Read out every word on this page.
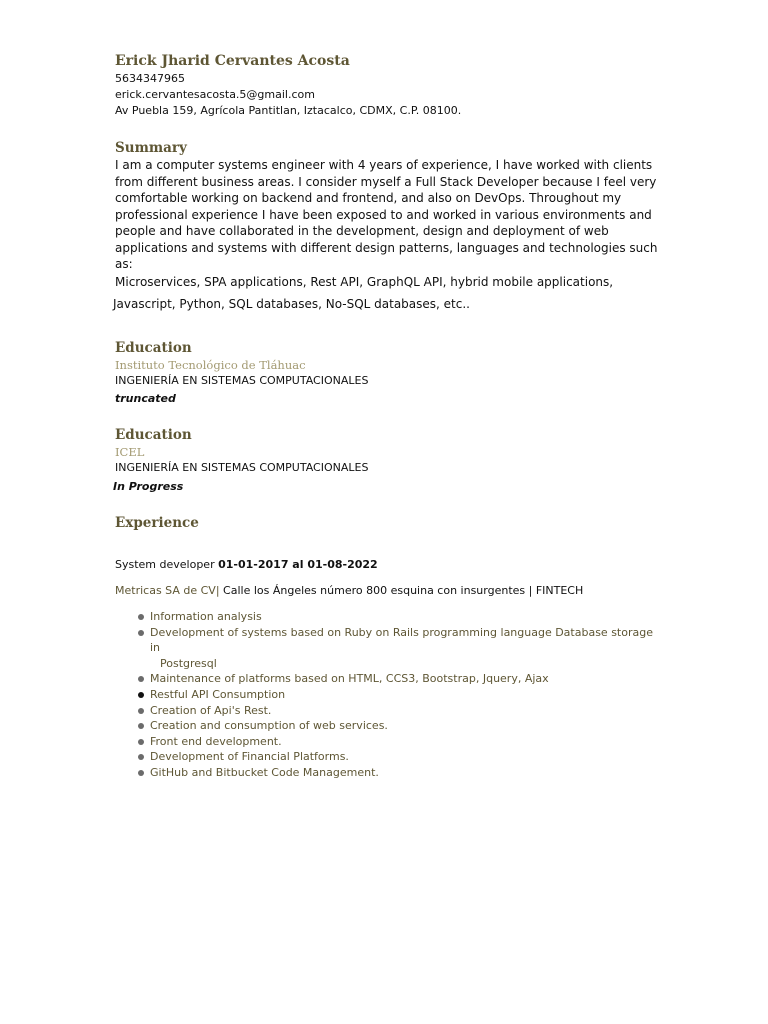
Erick Jharid Cervantes Acosta
5634347965
erick.cervantesacosta.5@gmail.com
Av Puebla 159, Agrícola Pantitlan, Iztacalco, CDMX, C.P. 08100.
Summary
I am a computer systems engineer with 4 years of experience, I have worked with clients from different business areas. I consider myself a Full Stack Developer because I feel very comfortable working on backend and frontend, and also on DevOps. Throughout my professional experience I have been exposed to and worked in various environments and people and have collaborated in the development, design and deployment of web applications and systems with different design patterns, languages and technologies such as:
Microservices, SPA applications, Rest API, GraphQL API, hybrid mobile applications,
Javascript, Python, SQL databases, No-SQL databases, etc..
Education
Instituto Tecnológico de Tláhuac
INGENIERÍA EN SISTEMAS COMPUTACIONALES
truncated
Education
ICEL
INGENIERÍA EN SISTEMAS COMPUTACIONALES
In Progress
Experience
System developer 01-01-2017 al 01-08-2022
Metricas SA de CV| Calle los Ángeles número 800 esquina con insurgentes | FINTECH
Information analysis
Development of systems based on Ruby on Rails programming language Database storage in
Postgresql
Maintenance of platforms based on HTML, CCS3, Bootstrap, Jquery, Ajax
Restful API Consumption
Creation of Api's Rest.
Creation and consumption of web services.
Front end development.
Development of Financial Platforms.
GitHub and Bitbucket Code Management.
